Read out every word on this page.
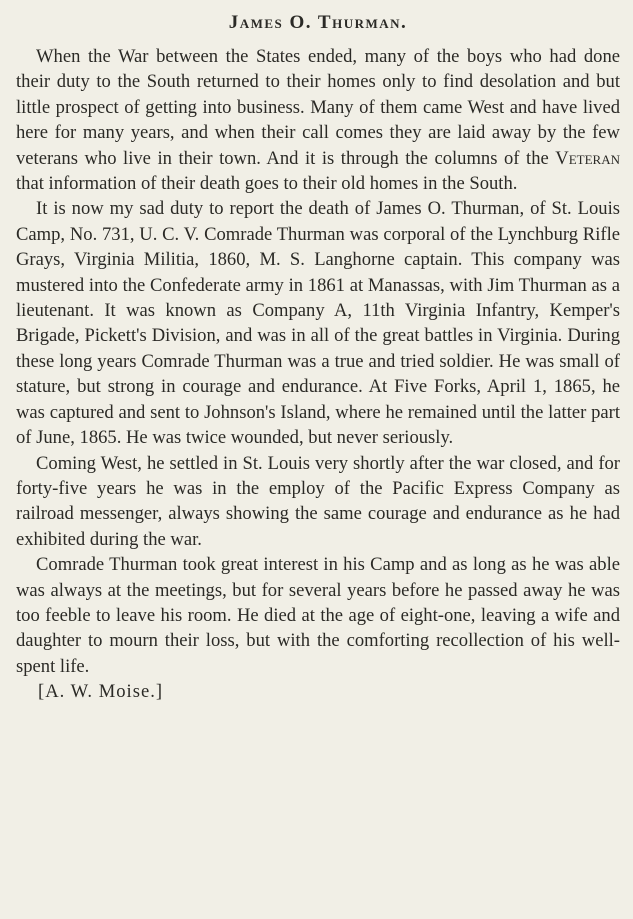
James O. Thurman.

When the War between the States ended, many of the boys who had done their duty to the South returned to their homes only to find desolation and but little prospect of getting into business. Many of them came West and have lived here for many years, and when their call comes they are laid away by the few veterans who live in their town. And it is through the columns of the Veteran that information of their death goes to their old homes in the South.

It is now my sad duty to report the death of James O. Thurman, of St. Louis Camp, No. 731, U. C. V. Comrade Thurman was corporal of the Lynchburg Rifle Grays, Virginia Militia, 1860, M. S. Langhorne captain. This company was mustered into the Confederate army in 1861 at Manassas, with Jim Thurman as a lieutenant. It was known as Company A, 11th Virginia Infantry, Kemper's Brigade, Pickett's Division, and was in all of the great battles in Virginia. During these long years Comrade Thurman was a true and tried soldier. He was small of stature, but strong in courage and endurance. At Five Forks, April 1, 1865, he was captured and sent to Johnson's Island, where he remained until the latter part of June, 1865. He was twice wounded, but never seriously.

Coming West, he settled in St. Louis very shortly after the war closed, and for forty-five years he was in the employ of the Pacific Express Company as railroad messenger, always showing the same courage and endurance as he had exhibited during the war.

Comrade Thurman took great interest in his Camp and as long as he was able was always at the meetings, but for several years before he passed away he was too feeble to leave his room. He died at the age of eight-one, leaving a wife and daughter to mourn their loss, but with the comforting recollection of his well-spent life.

[A. W. Moise.]
